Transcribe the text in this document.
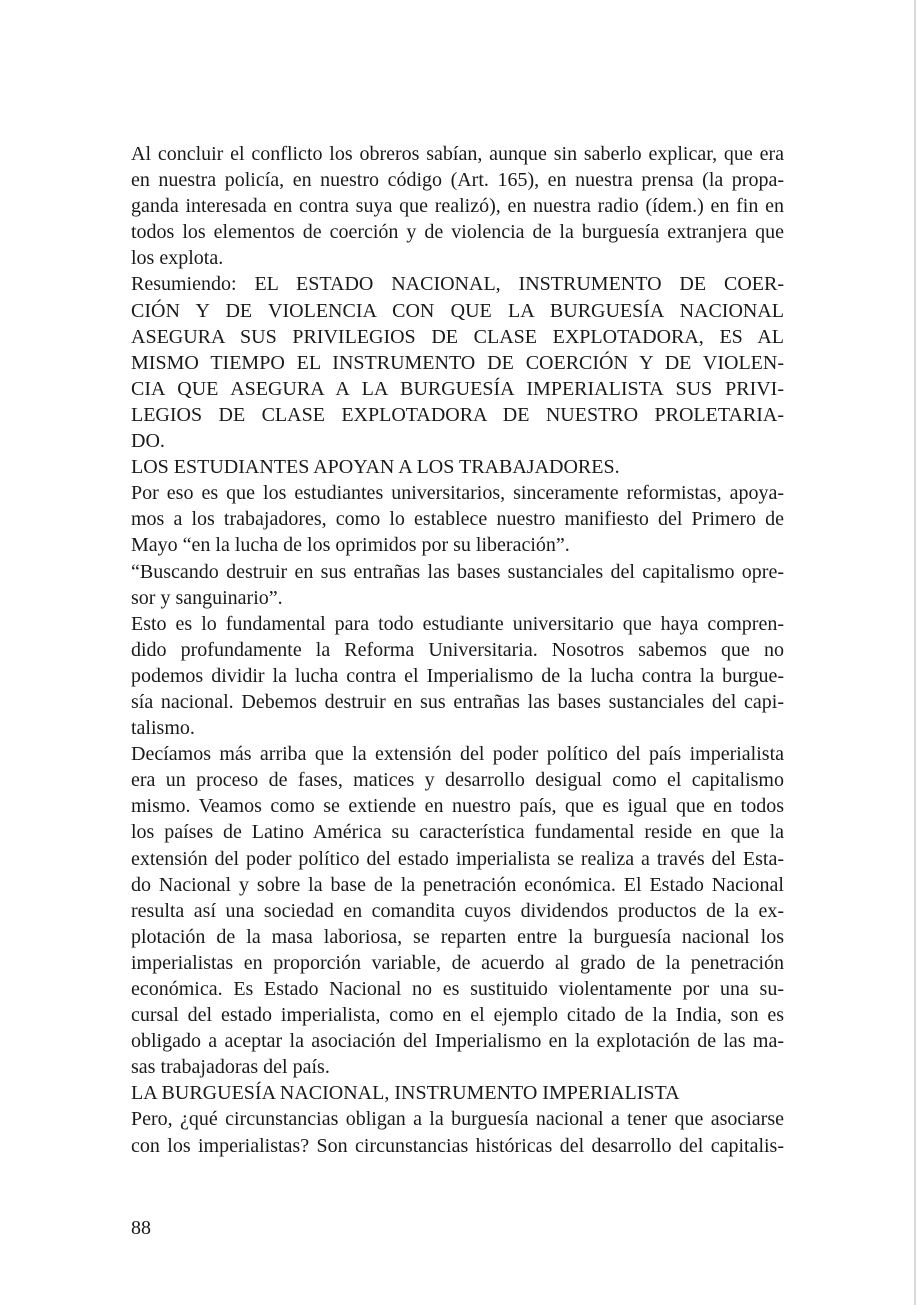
Al concluir el conflicto los obreros sabían, aunque sin saberlo explicar, que era
en nuestra policía, en nuestro código (Art. 165), en nuestra prensa (la propa-
ganda interesada en contra suya que realizó), en nuestra radio (ídem.) en fin en
todos los elementos de coerción y de violencia de la burguesía extranjera que
los explota.
Resumiendo: EL ESTADO NACIONAL, INSTRUMENTO DE COER-
CIÓN Y DE VIOLENCIA CON QUE LA BURGUESÍA NACIONAL
ASEGURA SUS PRIVILEGIOS DE CLASE EXPLOTADORA, ES AL
MISMO TIEMPO EL INSTRUMENTO DE COERCIÓN Y DE VIOLEN-
CIA QUE ASEGURA A LA BURGUESÍA IMPERIALISTA SUS PRIVI-
LEGIOS DE CLASE EXPLOTADORA DE NUESTRO PROLETARIA-
DO.
LOS ESTUDIANTES APOYAN A LOS TRABAJADORES.
Por eso es que los estudiantes universitarios, sinceramente reformistas, apoya-
mos a los trabajadores, como lo establece nuestro manifiesto del Primero de
Mayo “en la lucha de los oprimidos por su liberación”.
“Buscando destruir en sus entrañas las bases sustanciales del capitalismo opre-
sor y sanguinario”.
Esto es lo fundamental para todo estudiante universitario que haya compren-
dido profundamente la Reforma Universitaria. Nosotros sabemos que no
podemos dividir la lucha contra el Imperialismo de la lucha contra la burgue-
sía nacional. Debemos destruir en sus entrañas las bases sustanciales del capi-
talismo.
Decíamos más arriba que la extensión del poder político del país imperialista
era un proceso de fases, matices y desarrollo desigual como el capitalismo
mismo. Veamos como se extiende en nuestro país, que es igual que en todos
los países de Latino América su característica fundamental reside en que la
extensión del poder político del estado imperialista se realiza a través del Esta-
do Nacional y sobre la base de la penetración económica. El Estado Nacional
resulta así una sociedad en comandita cuyos dividendos productos de la ex-
plotación de la masa laboriosa, se reparten entre la burguesía nacional los
imperialistas en proporción variable, de acuerdo al grado de la penetración
económica. Es Estado Nacional no es sustituido violentamente por una su-
cursal del estado imperialista, como en el ejemplo citado de la India, son es
obligado a aceptar la asociación del Imperialismo en la explotación de las ma-
sas trabajadoras del país.
LA BURGUESÍA NACIONAL, INSTRUMENTO IMPERIALISTA
Pero, ¿qué circunstancias obligan a la burguesía nacional a tener que asociarse
con los imperialistas? Son circunstancias históricas del desarrollo del capitalis-
88
